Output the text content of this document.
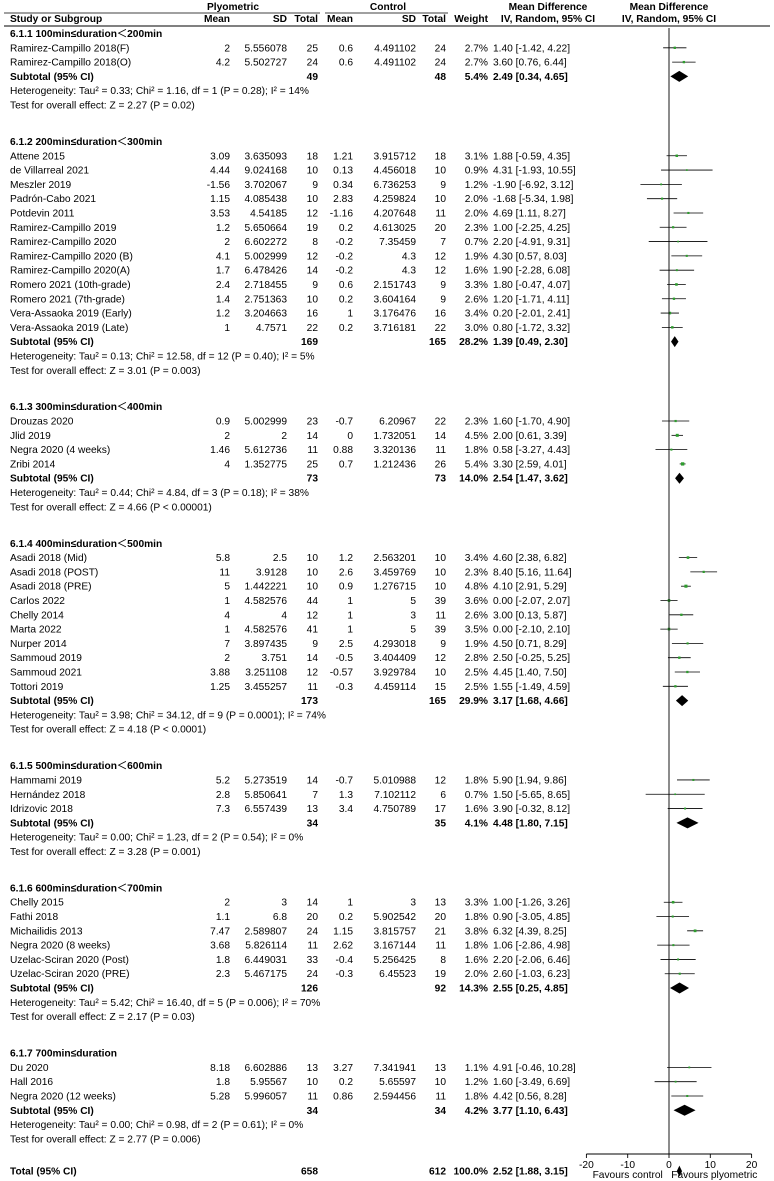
Plyometric	Control	Mean Difference
IV, Random, 95% CI
Mean Difference
IV, Random, 95% CI
Study or Subgroup	Mean	SD Total Mean	SD Total Weight
6.1.1 100min≤duration＜200min
Ramirez-Campillo 2018(F)	2 5.556078 25 0.6 4.491102 24 2.7% 1.40 [-1.42, 4.22]
Ramirez-Campillo 2018(O)	4.2 5.502727 24 0.6 4.491102 24 2.7% 3.60 [0.76, 6.44]
Subtotal (95% CI)	49	48 5.4% 2.49 [0.34, 4.65]
Heterogeneity: Tau² = 0.33; Chi² = 1.16, df = 1 (P = 0.28); I² = 14%
Test for overall effect: Z = 2.27 (P = 0.02)
6.1.2 200min≤duration＜300min
Attene 2015	3.09 3.635093 18 1.21 3.915712 18 3.1% 1.88 [-0.59, 4.35]
de Villarreal 2021	4.44 9.024168 10 0.13 4.456018 10 0.9% 4.31 [-1.93, 10.55]
Meszler 2019	-1.56 3.702067 9 0.34 6.736253 9 1.2% -1.90 [-6.92, 3.12]
Padrón-Cabo 2021	1.15 4.085438 10 2.83 4.259824 10 2.0% -1.68 [-5.34, 1.98]
Potdevin 2011	3.53 4.54185 12 -1.16 4.207648 11 2.0% 4.69 [1.11, 8.27]
Ramirez-Campillo 2019	1.2 5.650664 19 0.2 4.613025 20 2.3% 1.00 [-2.25, 4.25]
Ramirez-Campillo 2020	2 6.602272 8 -0.2	7.35459 7 0.7% 2.20 [-4.91, 9.31]
Ramirez-Campillo 2020 (B)	4.1 5.002999 12 -0.2	4.3 12 1.9% 4.30 [0.57, 8.03]
Ramirez-Campillo 2020(A)	1.7 6.478426 14 -0.2	4.3 12 1.6% 1.90 [-2.28, 6.08]
Romero 2021 (10th-grade)	2.4 2.718455 9 0.6 2.151743 9 3.3% 1.80 [-0.47, 4.07]
Romero 2021 (7th-grade)	1.4 2.751363 10 0.2 3.604164 9 2.6% 1.20 [-1.71, 4.11]
Vera-Assaoka 2019 (Early)	1.2 3.204663 16	1 3.176476 16 3.4% 0.20 [-2.01, 2.41]
Vera-Assaoka 2019 (Late)	1	4.7571 22 0.2 3.716181 22 3.0% 0.80 [-1.72, 3.32]
Subtotal (95% CI)	169	165 28.2% 1.39 [0.49, 2.30]
Heterogeneity: Tau² = 0.13; Chi² = 12.58, df = 12 (P = 0.40); I² = 5%
Test for overall effect: Z = 3.01 (P = 0.003)
6.1.3 300min≤duration＜400min
Drouzas 2020	0.9 5.002999 23 -0.7	6.20967 22 2.3% 1.60 [-1.70, 4.90]
Jlid 2019	2	2 14	0 1.732051 14 4.5% 2.00 [0.61, 3.39]
Negra 2020 (4 weeks)	1.46 5.612736 11 0.88 3.320136 11 1.8% 0.58 [-3.27, 4.43]
Zribi 2014	4 1.352775 25 0.7 1.212436 26 5.4% 3.30 [2.59, 4.01]
Subtotal (95% CI)	73	73 14.0% 2.54 [1.47, 3.62]
Heterogeneity: Tau² = 0.44; Chi² = 4.84, df = 3 (P = 0.18); I² = 38%
Test for overall effect: Z = 4.66 (P < 0.00001)
6.1.4 400min≤duration＜500min
Asadi 2018 (Mid)	5.8	2.5 10 1.2 2.563201 10 3.4% 4.60 [2.38, 6.82]
Asadi 2018 (POST)	11	3.9128 10 2.6 3.459769 10 2.3% 8.40 [5.16, 11.64]
Asadi 2018 (PRE)	5 1.442221 10 0.9 1.276715 10 4.8% 4.10 [2.91, 5.29]
Carlos 2022	1 4.582576 44	1	5 39 3.6% 0.00 [-2.07, 2.07]
Chelly 2014	4	4 12	1	3 11 2.6% 3.00 [0.13, 5.87]
Marta 2022	1 4.582576 41	1	5 39 3.5% 0.00 [-2.10, 2.10]
Nurper 2014	7 3.897435 9 2.5 4.293018 9 1.9% 4.50 [0.71, 8.29]
Sammoud 2019	2	3.751 14 -0.5 3.404409 12 2.8% 2.50 [-0.25, 5.25]
Sammoud 2021	3.88 3.251108 12 -0.57 3.929784 10 2.5% 4.45 [1.40, 7.50]
Tottori 2019	1.25 3.455257 11 -0.3 4.459114 15 2.5% 1.55 [-1.49, 4.59]
Subtotal (95% CI)	173	165 29.9% 3.17 [1.68, 4.66]
Heterogeneity: Tau² = 3.98; Chi² = 34.12, df = 9 (P = 0.0001); I² = 74%
Test for overall effect: Z = 4.18 (P < 0.0001)
6.1.5 500min≤duration＜600min
Hammami 2019	5.2 5.273519 14 -0.7 5.010988 12 1.8% 5.90 [1.94, 9.86]
Hernández 2018	2.8 5.850641 7 1.3 7.102112 6 0.7% 1.50 [-5.65, 8.65]
Idrizovic 2018	7.3 6.557439 13 3.4 4.750789 17 1.6% 3.90 [-0.32, 8.12]
Subtotal (95% CI)	34	35 4.1% 4.48 [1.80, 7.15]
Heterogeneity: Tau² = 0.00; Chi² = 1.23, df = 2 (P = 0.54); I² = 0%
Test for overall effect: Z = 3.28 (P = 0.001)
6.1.6 600min≤duration＜700min
Chelly 2015	2	3 14	1	3 13 3.3% 1.00 [-1.26, 3.26]
Fathi 2018	1.1	6.8 20 0.2 5.902542 20 1.8% 0.90 [-3.05, 4.85]
Michailidis 2013	7.47 2.589807 24 1.15 3.815757 21 3.8% 6.32 [4.39, 8.25]
Negra 2020 (8 weeks)	3.68 5.826114 11 2.62 3.167144 11 1.8% 1.06 [-2.86, 4.98]
Uzelac-Sciran 2020 (Post)	1.8 6.449031 33 -0.4 5.256425 8 1.6% 2.20 [-2.06, 6.46]
Uzelac-Sciran 2020 (PRE)	2.3 5.467175 24 -0.3	6.45523 19 2.0% 2.60 [-1.03, 6.23]
Subtotal (95% CI)	126	92 14.3% 2.55 [0.25, 4.85]
Heterogeneity: Tau² = 5.42; Chi² = 16.40, df = 5 (P = 0.006); I² = 70%
Test for overall effect: Z = 2.17 (P = 0.03)
6.1.7 700min≤duration
Du 2020	8.18 6.602886 13 3.27 7.341941 13 1.1% 4.91 [-0.46, 10.28]
Hall 2016	1.8 5.95567 10 0.2	5.65597 10 1.2% 1.60 [-3.49, 6.69]
Negra 2020 (12 weeks)	5.28 5.996057 11 0.86 2.594456 11 1.8% 4.42 [0.56, 8.28]
Subtotal (95% CI)	34	34 4.2% 3.77 [1.10, 6.43]
Heterogeneity: Tau² = 0.00; Chi² = 0.98, df = 2 (P = 0.61); I² = 0%
Test for overall effect: Z = 2.77 (P = 0.006)
Total (95% CI)	658	612 100.0% 2.52 [1.88, 3.15]
-20	-10	0	10	20
Favours control Favours plyometric
